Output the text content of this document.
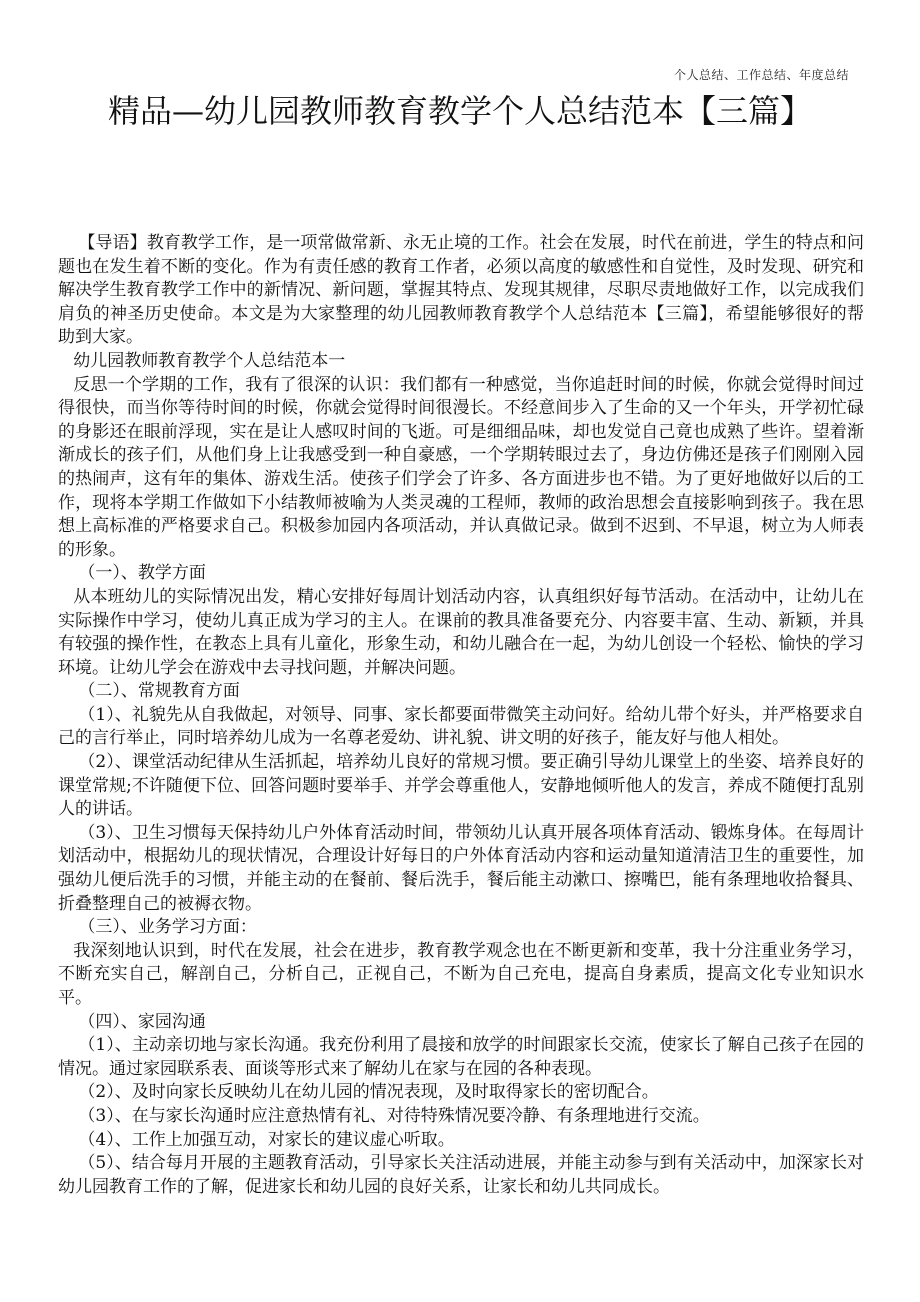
个人总结、工作总结、年度总结
精品—幼儿园教师教育教学个人总结范本【三篇】

【导语】教育教学工作，是一项常做常新、永无止境的工作。社会在发展，时代在前进，学生的特点和问题也在发生着不断的变化。作为有责任感的教育工作者，必须以高度的敏感性和自觉性，及时发现、研究和解决学生教育教学工作中的新情况、新问题，掌握其特点、发现其规律，尽职尽责地做好工作，以完成我们肩负的神圣历史使命。本文是为大家整理的幼儿园教师教育教学个人总结范本【三篇】，希望能够很好的帮助到大家。

幼儿园教师教育教学个人总结范本一

反思一个学期的工作，我有了很深的认识：我们都有一种感觉，当你追赶时间的时候，你就会觉得时间过得很快，而当你等待时间的时候，你就会觉得时间很漫长。不经意间步入了生命的又一个年头，开学初忙碌的身影还在眼前浮现，实在是让人感叹时间的飞逝。可是细细品味，却也发觉自己竟也成熟了些许。望着渐渐成长的孩子们，从他们身上让我感受到一种自豪感，一个学期转眼过去了，身边仿佛还是孩子们刚刚入园的热闹声，这有年的集体、游戏生活。使孩子们学会了许多、各方面进步也不错。为了更好地做好以后的工作，现将本学期工作做如下小结教师被喻为人类灵魂的工程师，教师的政治思想会直接影响到孩子。我在思想上高标准的严格要求自己。积极参加园内各项活动，并认真做记录。做到不迟到、不早退，树立为人师表的形象。

（一）、教学方面

从本班幼儿的实际情况出发，精心安排好每周计划活动内容，认真组织好每节活动。在活动中，让幼儿在实际操作中学习，使幼儿真正成为学习的主人。在课前的教具准备要充分、内容要丰富、生动、新颖，并具有较强的操作性，在教态上具有儿童化，形象生动，和幼儿融合在一起，为幼儿创设一个轻松、愉快的学习环境。让幼儿学会在游戏中去寻找问题，并解决问题。

（二）、常规教育方面

（1）、礼貌先从自我做起，对领导、同事、家长都要面带微笑主动问好。给幼儿带个好头，并严格要求自己的言行举止，同时培养幼儿成为一名尊老爱幼、讲礼貌、讲文明的好孩子，能友好与他人相处。

（2）、课堂活动纪律从生活抓起，培养幼儿良好的常规习惯。要正确引导幼儿课堂上的坐姿、培养良好的课堂常规;不许随便下位、回答问题时要举手、并学会尊重他人，安静地倾听他人的发言，养成不随便打乱别人的讲话。

（3）、卫生习惯每天保持幼儿户外体育活动时间，带领幼儿认真开展各项体育活动、锻炼身体。在每周计划活动中，根据幼儿的现状情况，合理设计好每日的户外体育活动内容和运动量知道清洁卫生的重要性，加强幼儿便后洗手的习惯，并能主动的在餐前、餐后洗手，餐后能主动漱口、擦嘴巴，能有条理地收拾餐具、折叠整理自己的被褥衣物。

（三）、业务学习方面：

我深刻地认识到，时代在发展，社会在进步，教育教学观念也在不断更新和变革，我十分注重业务学习，不断充实自己，解剖自己，分析自己，正视自己，不断为自己充电，提高自身素质，提高文化专业知识水平。

（四）、家园沟通

（1）、主动亲切地与家长沟通。我充份利用了晨接和放学的时间跟家长交流，使家长了解自己孩子在园的情况。通过家园联系表、面谈等形式来了解幼儿在家与在园的各种表现。

（2）、及时向家长反映幼儿在幼儿园的情况表现，及时取得家长的密切配合。

（3）、在与家长沟通时应注意热情有礼、对待特殊情况要冷静、有条理地进行交流。

（4）、工作上加强互动，对家长的建议虚心听取。

（5）、结合每月开展的主题教育活动，引导家长关注活动进展，并能主动参与到有关活动中，加深家长对幼儿园教育工作的了解，促进家长和幼儿园的良好关系，让家长和幼儿共同成长。
